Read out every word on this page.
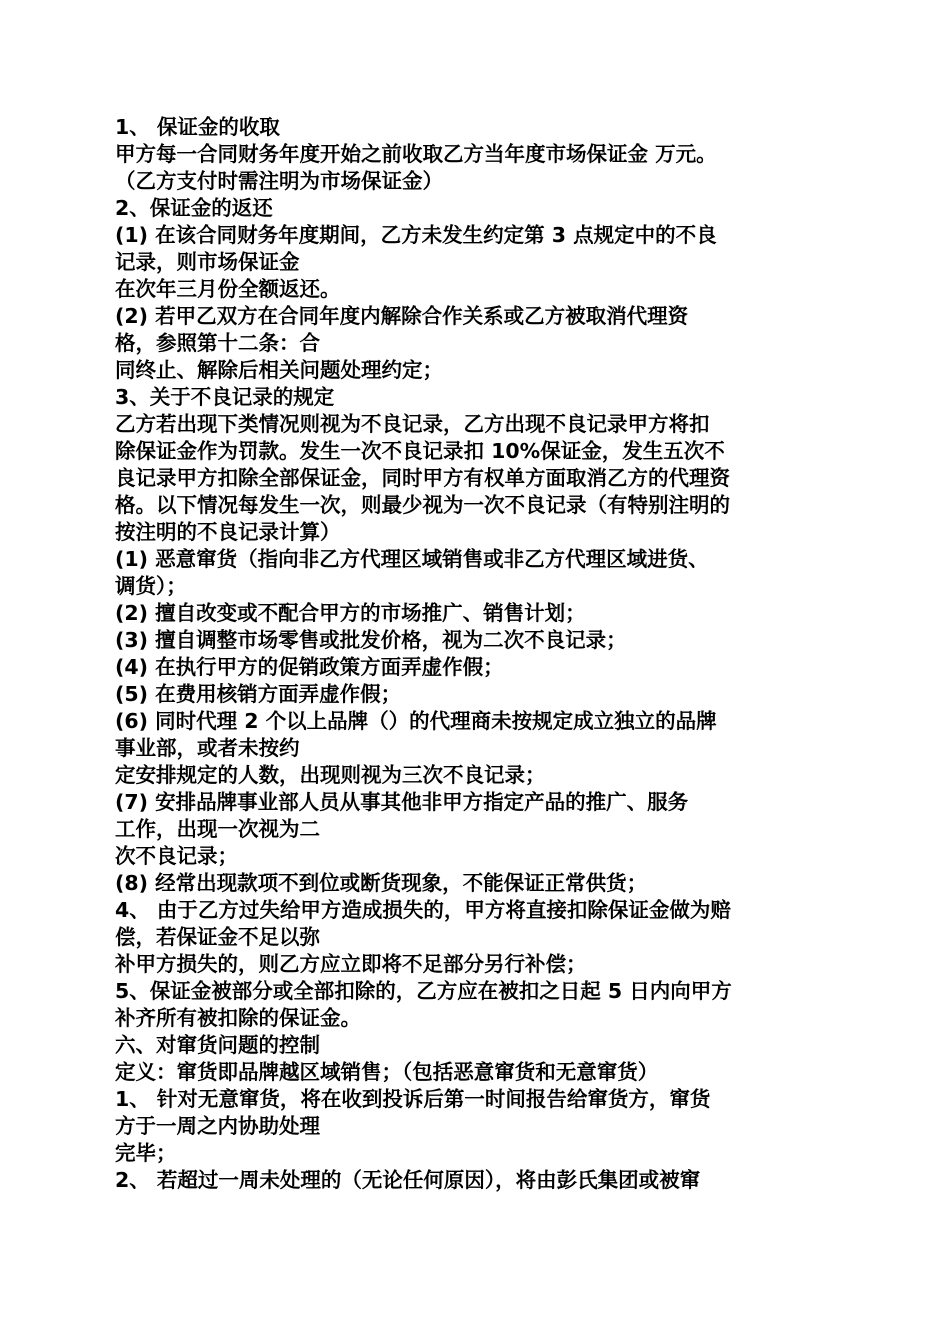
1、 保证金的收取
甲方每一合同财务年度开始之前收取乙方当年度市场保证金 万元。
（乙方支付时需注明为市场保证金）
2、保证金的返还
(1) 在该合同财务年度期间，乙方未发生约定第 3 点规定中的不良
记录，则市场保证金
在次年三月份全额返还。
(2) 若甲乙双方在合同年度内解除合作关系或乙方被取消代理资
格，参照第十二条：合
同终止、解除后相关问题处理约定；
3、关于不良记录的规定
乙方若出现下类情况则视为不良记录，乙方出现不良记录甲方将扣
除保证金作为罚款。发生一次不良记录扣 10%保证金，发生五次不
良记录甲方扣除全部保证金，同时甲方有权单方面取消乙方的代理资
格。以下情况每发生一次，则最少视为一次不良记录（有特别注明的
按注明的不良记录计算）
(1) 恶意窜货（指向非乙方代理区域销售或非乙方代理区域进货、
调货）；
(2) 擅自改变或不配合甲方的市场推广、销售计划；
(3) 擅自调整市场零售或批发价格，视为二次不良记录；
(4) 在执行甲方的促销政策方面弄虚作假；
(5) 在费用核销方面弄虚作假；
(6) 同时代理 2 个以上品牌（）的代理商未按规定成立独立的品牌
事业部，或者未按约
定安排规定的人数，出现则视为三次不良记录；
(7) 安排品牌事业部人员从事其他非甲方指定产品的推广、服务
工作，出现一次视为二
次不良记录；
(8) 经常出现款项不到位或断货现象，不能保证正常供货；
4、 由于乙方过失给甲方造成损失的，甲方将直接扣除保证金做为赔
偿，若保证金不足以弥
补甲方损失的，则乙方应立即将不足部分另行补偿；
5、保证金被部分或全部扣除的，乙方应在被扣之日起 5 日内向甲方
补齐所有被扣除的保证金。
六、对窜货问题的控制
定义：窜货即品牌越区域销售；（包括恶意窜货和无意窜货）
1、 针对无意窜货，将在收到投诉后第一时间报告给窜货方，窜货
方于一周之内协助处理
完毕；
2、 若超过一周未处理的（无论任何原因），将由彭氏集团或被窜
